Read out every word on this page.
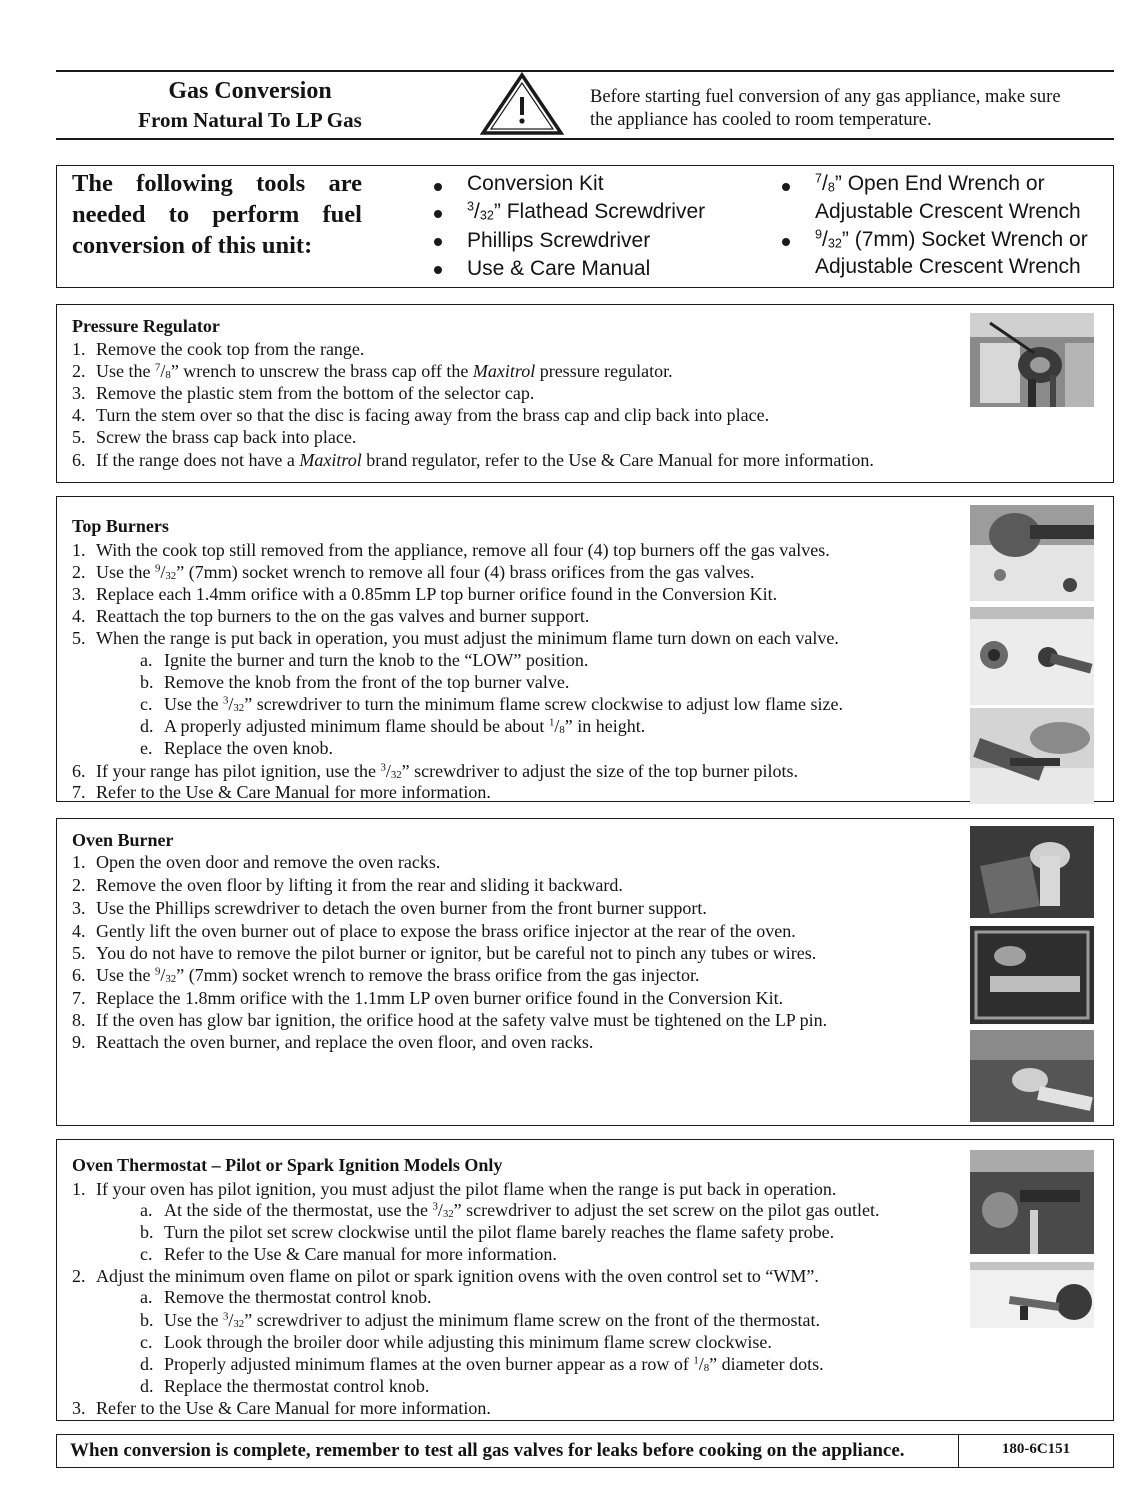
Gas Conversion
From Natural To LP Gas
Before starting fuel conversion of any gas appliance, make sure
the appliance has cooled to room temperature.
The following tools are
needed to perform fuel
conversion of this unit:
Conversion Kit
$^3/_{32}$” Flathead Screwdriver
Phillips Screwdriver
Use & Care Manual
$^7/_8$” Open End Wrench or
Adjustable Crescent Wrench
$^9/_{32}$” (7mm) Socket Wrench or
Adjustable Crescent Wrench
Pressure Regulator
1. Remove the cook top from the range.
2. Use the $^7/_8$” wrench to unscrew the brass cap off the Maxitrol pressure regulator.
3. Remove the plastic stem from the bottom of the selector cap.
4. Turn the stem over so that the disc is facing away from the brass cap and clip back into place.
5. Screw the brass cap back into place.
6. If the range does not have a Maxitrol brand regulator, refer to the Use & Care Manual for more information.
Top Burners
1. With the cook top still removed from the appliance, remove all four (4) top burners off the gas valves.
2. Use the $^9/_{32}$” (7mm) socket wrench to remove all four (4) brass orifices from the gas valves.
3. Replace each 1.4mm orifice with a 0.85mm LP top burner orifice found in the Conversion Kit.
4. Reattach the top burners to the on the gas valves and burner support.
5. When the range is put back in operation, you must adjust the minimum flame turn down on each valve.
a. Ignite the burner and turn the knob to the “LOW” position.
b. Remove the knob from the front of the top burner valve.
c. Use the $^3/_{32}$” screwdriver to turn the minimum flame screw clockwise to adjust low flame size.
d. A properly adjusted minimum flame should be about $^1/_8$” in height.
e. Replace the oven knob.
6. If your range has pilot ignition, use the $^3/_{32}$” screwdriver to adjust the size of the top burner pilots.
7. Refer to the Use & Care Manual for more information.
Oven Burner
1. Open the oven door and remove the oven racks.
2. Remove the oven floor by lifting it from the rear and sliding it backward.
3. Use the Phillips screwdriver to detach the oven burner from the front burner support.
4. Gently lift the oven burner out of place to expose the brass orifice injector at the rear of the oven.
5. You do not have to remove the pilot burner or ignitor, but be careful not to pinch any tubes or wires.
6. Use the $^9/_{32}$” (7mm) socket wrench to remove the brass orifice from the gas injector.
7. Replace the 1.8mm orifice with the 1.1mm LP oven burner orifice found in the Conversion Kit.
8. If the oven has glow bar ignition, the orifice hood at the safety valve must be tightened on the LP pin.
9. Reattach the oven burner, and replace the oven floor, and oven racks.
Oven Thermostat – Pilot or Spark Ignition Models Only
1. If your oven has pilot ignition, you must adjust the pilot flame when the range is put back in operation.
a. At the side of the thermostat, use the $^3/_{32}$” screwdriver to adjust the set screw on the pilot gas outlet.
b. Turn the pilot set screw clockwise until the pilot flame barely reaches the flame safety probe.
c. Refer to the Use & Care manual for more information.
2. Adjust the minimum oven flame on pilot or spark ignition ovens with the oven control set to “WM”.
a. Remove the thermostat control knob.
b. Use the $^3/_{32}$” screwdriver to adjust the minimum flame screw on the front of the thermostat.
c. Look through the broiler door while adjusting this minimum flame screw clockwise.
d. Properly adjusted minimum flames at the oven burner appear as a row of $^1/_8$” diameter dots.
d. Replace the thermostat control knob.
3. Refer to the Use & Care Manual for more information.
When conversion is complete, remember to test all gas valves for leaks before cooking on the appliance.	180-6C151
